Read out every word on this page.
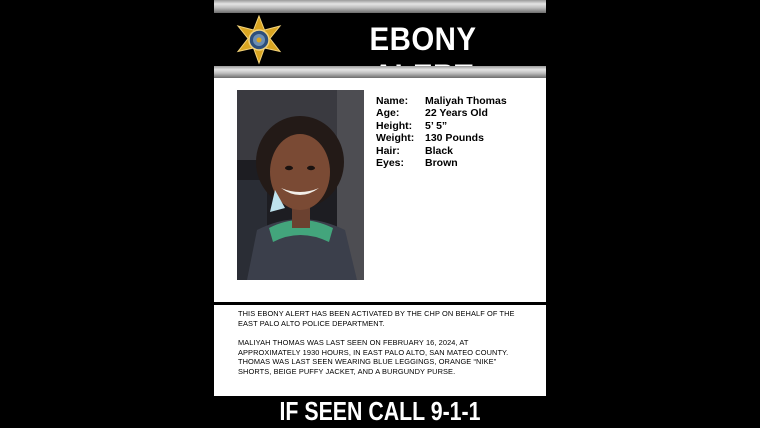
EBONY
Name:	Maliyah Thomas
Age:	22 Years Old
Height:	5’ 5”
Weight:	130 Pounds
Hair:	Black
Eyes:	Brown
THIS EBONY ALERT HAS BEEN ACTIVATED BY THE CHP ON BEHALF OF THE EAST PALO ALTO POLICE DEPARTMENT.
MALIYAH THOMAS WAS LAST SEEN ON FEBRUARY 16, 2024, AT APPROXIMATELY 1930 HOURS, IN EAST PALO ALTO, SAN MATEO COUNTY. THOMAS WAS LAST SEEN WEARING BLUE LEGGINGS, ORANGE “NIKE” SHORTS, BEIGE PUFFY JACKET, AND A BURGUNDY PURSE.
IF SEEN CALL 9-1-1
